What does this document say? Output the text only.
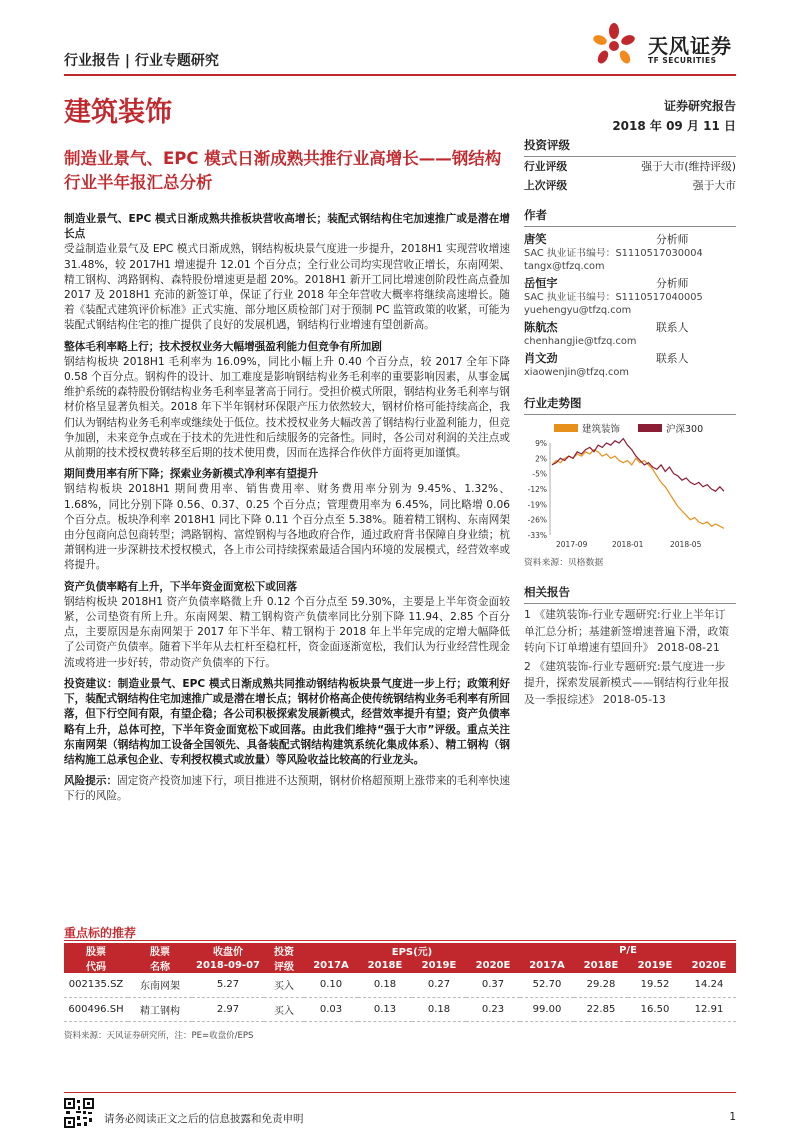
行业报告 | 行业专题研究
天风证券
TF SECURITIES
建筑装饰	证券研究报告
2018 年 09 月 11 日
制造业景气、EPC 模式日渐成熟共推行业高增长——钢结构行业半年报汇总分析

制造业景气、EPC 模式日渐成熟共推板块营收高增长；装配式钢结构住宅加速推广或是潜在增长点

受益制造业景气及 EPC 模式日渐成熟，钢结构板块景气度进一步提升，2018H1 实现营收增速 31.48%，较 2017H1 增速提升 12.01 个百分点；全行业公司均实现营收正增长，东南网架、精工钢构、鸿路钢构、森特股份增速更是超 20%。2018H1 新开工同比增速创阶段性高点叠加 2017 及 2018H1 充沛的新签订单，保证了行业 2018 年全年营收大概率将继续高速增长。随着《装配式建筑评价标准》正式实施、部分地区质检部门对于预制 PC 监管政策的收紧，可能为装配式钢结构住宅的推广提供了良好的发展机遇，钢结构行业增速有望创新高。

整体毛利率略上行；技术授权业务大幅增强盈利能力但竞争有所加剧

钢结构板块 2018H1 毛利率为 16.09%，同比小幅上升 0.40 个百分点，较 2017 全年下降 0.58 个百分点。钢构件的设计、加工难度是影响钢结构业务毛利率的重要影响因素，从事金属维护系统的森特股份钢结构业务毛利率显著高于同行。受担价模式所限，钢结构业务毛利率与钢材价格呈显著负相关。2018 年下半年钢材环保限产压力依然较大，钢材价格可能持续高企，我们认为钢结构业务毛利率或继续处于低位。技术授权业务大幅改善了钢结构行业盈利能力，但竞争加剧，未来竞争点或在于技术的先进性和后续服务的完备性。同时，各公司对利润的关注点或从前期的技术授权费转移至后期的技术使用费，因而在选择合作伙伴方面将更加谨慎。

期间费用率有所下降；探索业务新模式净利率有望提升

钢结构板块 2018H1 期间费用率、销售费用率、财务费用率分别为 9.45%、1.32%、1.68%，同比分别下降 0.56、0.37、0.25 个百分点；管理费用率为 6.45%，同比略增 0.06 个百分点。板块净利率 2018H1 同比下降 0.11 个百分点至 5.38%。随着精工钢构、东南网架由分包商向总包商转型；鸿路钢构、富煌钢构与各地政府合作，通过政府背书保障自身业绩；杭萧钢构进一步深耕技术授权模式，各上市公司持续探索最适合国内环境的发展模式，经营效率或将提升。

资产负债率略有上升，下半年资金面宽松下或回落

钢结构板块 2018H1 资产负债率略微上升 0.12 个百分点至 59.30%，主要是上半年资金面较紧，公司垫资有所上升。东南网架、精工钢构资产负债率同比分别下降 11.94、2.85 个百分点，主要原因是东南网架于 2017 年下半年、精工钢构于 2018 年上半年完成的定增大幅降低了公司资产负债率。随着下半年从去杠杆至稳杠杆，资金面逐渐宽松，我们认为行业经营性现金流或将进一步好转，带动资产负债率的下行。

投资建议：制造业景气、EPC 模式日渐成熟共同推动钢结构板块景气度进一步上行；政策利好下，装配式钢结构住宅加速推广或是潜在增长点；钢材价格高企使传统钢结构业务毛利率有所回落，但下行空间有限，有望企稳；各公司积极探索发展新模式，经营效率提升有望；资产负债率略有上升，总体可控，下半年资金面宽松下或回落。由此我们维持“强于大市”评级。重点关注东南网架（钢结构加工设备全国领先、具备装配式钢结构建筑系统化集成体系）、精工钢构（钢结构施工总承包企业、专利授权模式或放量）等风险收益比较高的行业龙头。

风险提示：固定资产投资加速下行，项目推进不达预期，钢材价格超预期上涨带来的毛利率快速下行的风险。

投资评级
行业评级	强于大市(维持评级)
上次评级	强于大市
作者
唐笑	分析师
SAC 执业证书编号：S1110517030004
tangx@tfzq.com
岳恒宇	分析师
SAC 执业证书编号：S1110517040005
yuehengyu@tfzq.com
陈航杰	联系人
chenhangjie@tfzq.com
肖文劲	联系人
xiaowenjin@tfzq.com
行业走势图
建筑装饰	沪深300
9%
2%
-5%
-12%
-19%
-26%
-33%
2017-09	2018-01	2018-05
资料来源：贝格数据
相关报告
1 《建筑装饰-行业专题研究:行业上半年订单汇总分析；基建新签增速普遍下滑，政策转向下订单增速有望回升》 2018-08-21
2 《建筑装饰-行业专题研究:景气度进一步提升，探索发展新模式——钢结构行业年报及一季报综述》 2018-05-13
重点标的推荐
股票	股票	收盘价	投资	EPS(元)				P/E			
代码	名称	2018-09-07	评级	2017A	2018E	2019E	2020E	2017A	2018E	2019E	2020E
002135.SZ	东南网架	5.27	买入	0.10	0.18	0.27	0.37	52.70	29.28	19.52	14.24
600496.SH	精工钢构	2.97	买入	0.03	0.13	0.18	0.23	99.00	22.85	16.50	12.91
资料来源：天风证券研究所，注：PE=收盘价/EPS
请务必阅读正文之后的信息披露和免责申明	1
